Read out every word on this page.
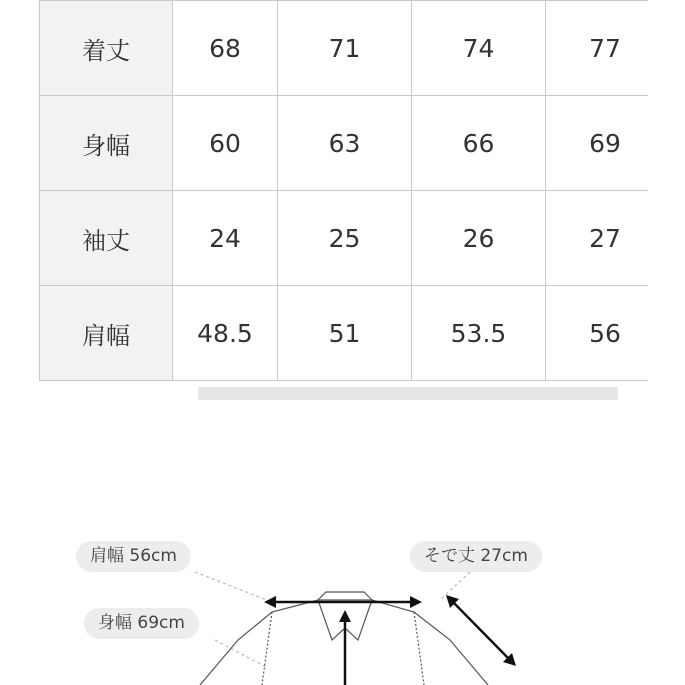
着丈	68	71	74	77
身幅	60	63	66	69
袖丈	24	25	26	27
肩幅	48.5	51	53.5	56
肩幅 56cm
身幅 69cm
そで丈 27cm
